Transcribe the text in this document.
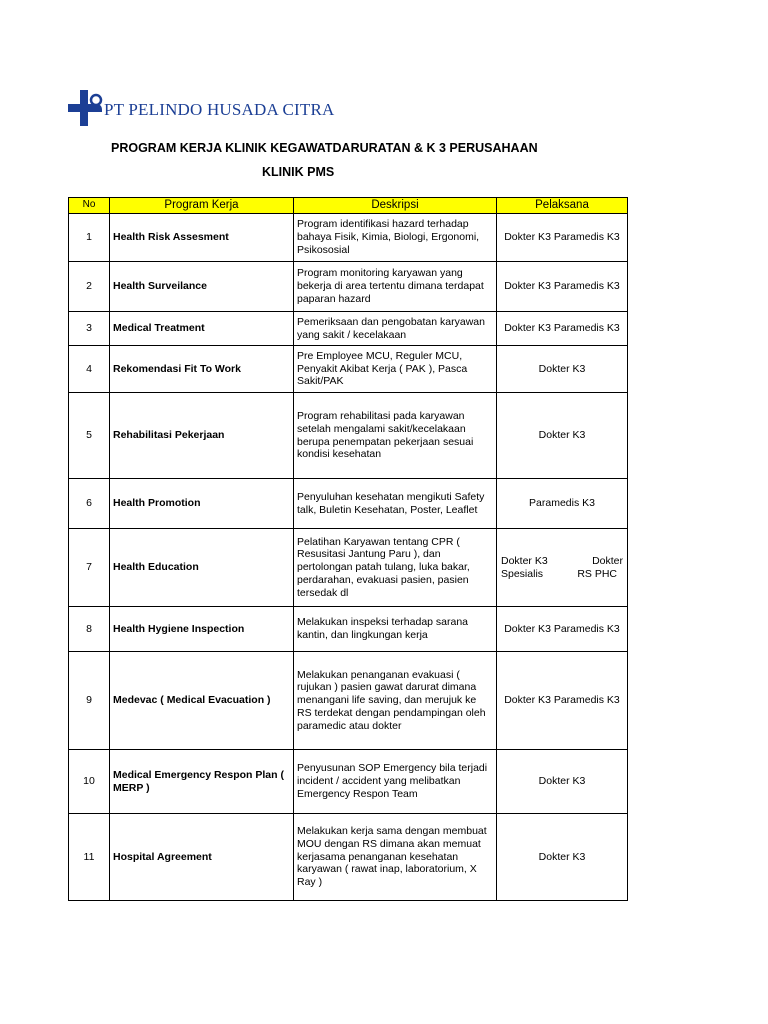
PT PELINDO HUSADA CITRA
PROGRAM KERJA KLINIK KEGAWATDARURATAN & K 3 PERUSAHAAN
KLINIK PMS
No	Program Kerja	Deskripsi	Pelaksana
1	Health Risk Assesment	Program identifikasi hazard terhadap bahaya Fisik, Kimia, Biologi, Ergonomi, Psikososial	Dokter K3 Paramedis K3
2	Health Surveilance	Program monitoring karyawan yang bekerja di area tertentu dimana terdapat paparan hazard	Dokter K3 Paramedis K3
3	Medical Treatment	Pemeriksaan dan pengobatan karyawan yang sakit / kecelakaan	Dokter K3 Paramedis K3
4	Rekomendasi Fit To Work	Pre Employee MCU, Reguler MCU, Penyakit Akibat Kerja ( PAK ), Pasca Sakit/PAK	Dokter K3
5	Rehabilitasi Pekerjaan	Program rehabilitasi pada karyawan setelah mengalami sakit/kecelakaan berupa penempatan pekerjaan sesuai kondisi kesehatan	Dokter K3
6	Health Promotion	Penyuluhan kesehatan mengikuti Safety talk, Buletin Kesehatan, Poster, Leaflet	Paramedis K3
7	Health Education	Pelatihan Karyawan tentang CPR ( Resusitasi Jantung Paru ), dan pertolongan patah tulang, luka bakar, perdarahan, evakuasi pasien, pasien tersedak dl	Dokter K3 Dokter
Spesialis RS PHC

8	Health Hygiene Inspection	Melakukan inspeksi terhadap sarana kantin, dan lingkungan kerja	Dokter K3 Paramedis K3
9	Medevac ( Medical Evacuation )	Melakukan penanganan evakuasi ( rujukan ) pasien gawat darurat dimana menangani life saving, dan merujuk ke RS terdekat dengan pendampingan oleh paramedic atau dokter	Dokter K3 Paramedis K3
10	Medical Emergency Respon Plan ( MERP )	Penyusunan SOP Emergency bila terjadi incident / accident yang melibatkan Emergency Respon Team	Dokter K3
11	Hospital Agreement	Melakukan kerja sama dengan membuat MOU dengan RS dimana akan memuat kerjasama penanganan kesehatan karyawan ( rawat inap, laboratorium, X Ray )	Dokter K3
